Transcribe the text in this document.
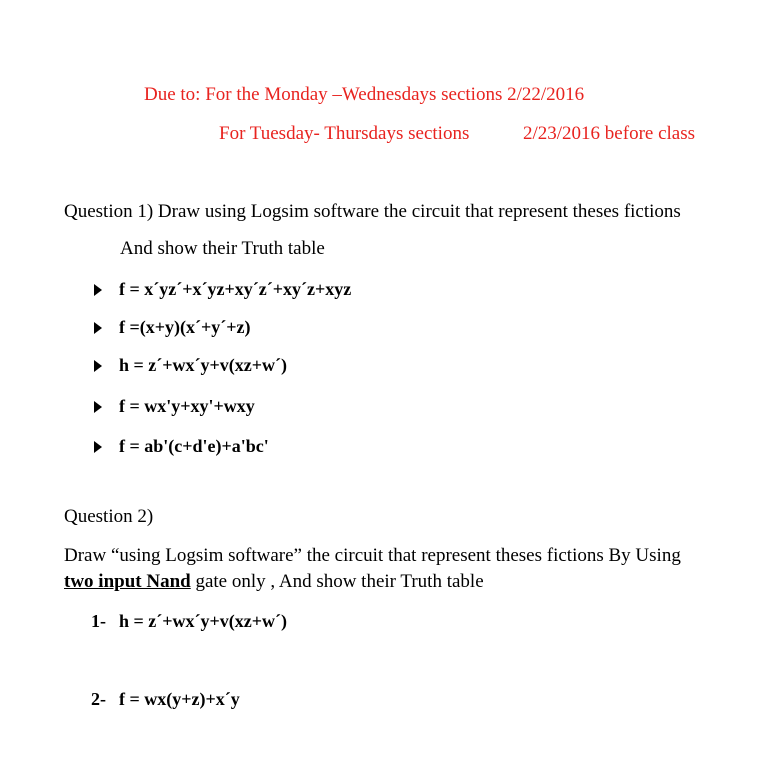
Due to: For the Monday –Wednesdays sections 2/22/2016
For Tuesday- Thursdays sections	2/23/2016 before class
Question 1) Draw using Logsim software the circuit that represent theses fictions
And show their Truth table
f = x´yz´+x´yz+xy´z´+xy´z+xyz
f =(x+y)(x´+y´+z)
h = z´+wx´y+v(xz+w´)
f = wx'y+xy'+wxy
f = ab'(c+d'e)+a'bc'
Question 2)
Draw “using Logsim software” the circuit that represent theses fictions By Using
two input Nand gate only , And show their Truth table
1- h = z´+wx´y+v(xz+w´)
2- f = wx(y+z)+x´y
